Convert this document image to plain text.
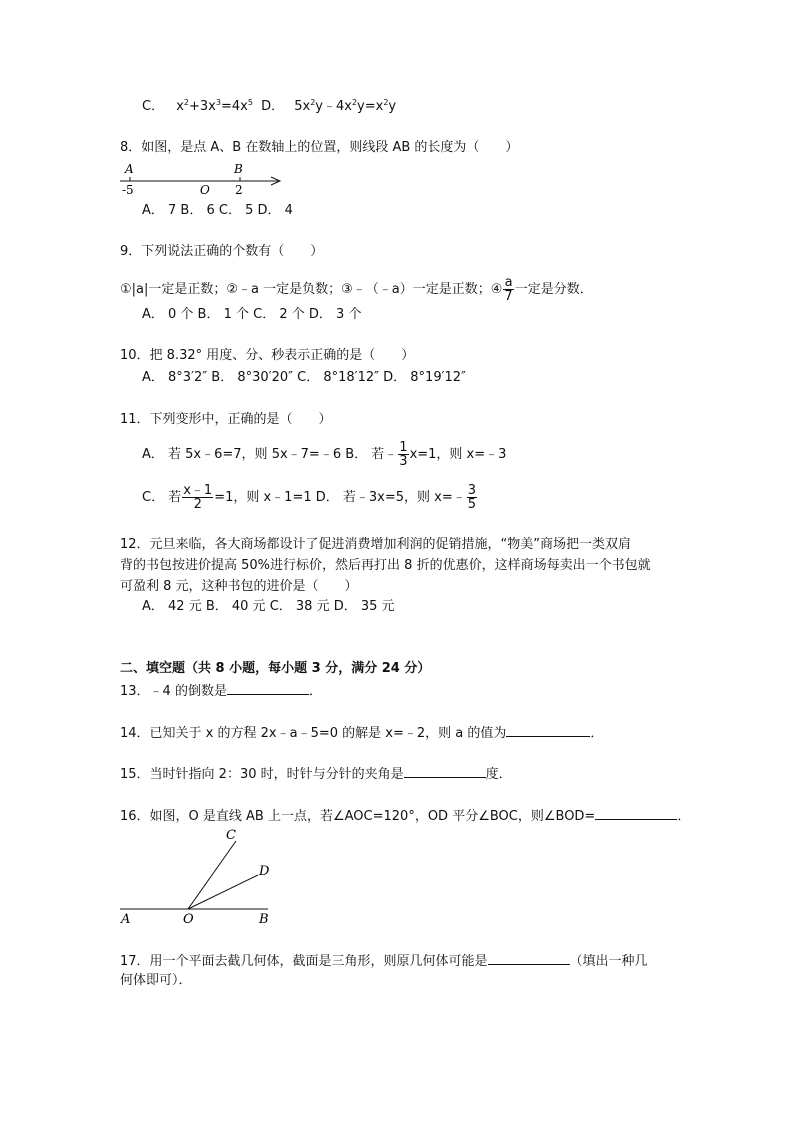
C． $x^2+3x^3=4x^5$ D． $5x^2y﹣4x^2y=x^2y$
8．如图，是点 A、B 在数轴上的位置，则线段 AB 的长度为（　　）
A	B
O
-5	2
A． 7 B． 6 C． 5 D． 4
9．下列说法正确的个数有（　　）
①|a|一定是正数；②﹣a 一定是负数；③﹣（﹣a）一定是正数；④ $\frac{a}{7}$ 一定是分数．
A． 0 个 B． 1 个 C． 2 个 D． 3 个
10．把 8.32° 用度、分、秒表示正确的是（　　）
A． 8°3′2″ B． 8°30′20″ C． 8°18′12″ D． 8°19′12″
11．下列变形中，正确的是（　　）
A． 若 5x﹣6=7，则 5x﹣7=﹣6 B． 若﹣ $\frac{1}{3} x=1$，则 x=﹣3
C． 若 $\frac{x﹣1}{2} =1$，则 x﹣1=1 D． 若﹣3x=5，则 x=﹣ $\frac{3}{5}$
12．元旦来临，各大商场都设计了促进消费增加利润的促销措施，“物美”商场把一类双肩
背的书包按进价提高 50%进行标价，然后再打出 8 折的优惠价，这样商场每卖出一个书包就
可盈利 8 元，这种书包的进价是（　　）
A． 42 元 B． 40 元 C． 38 元 D． 35 元
二、填空题（共 8 小题，每小题 3 分，满分 24 分）
13．﹣4 的倒数是	．
14．已知关于 x 的方程 2x﹣a﹣5=0 的解是 x=﹣2，则 a 的值为	．
15．当时针指向 2：30 时，时针与分针的夹角是	度．
16．如图，O 是直线 AB 上一点，若∠AOC=120°，OD 平分∠BOC，则∠BOD=	．
A	O	B
C
D
17．用一个平面去截几何体，截面是三角形，则原几何体可能是	（填出一种几
何体即可）．
